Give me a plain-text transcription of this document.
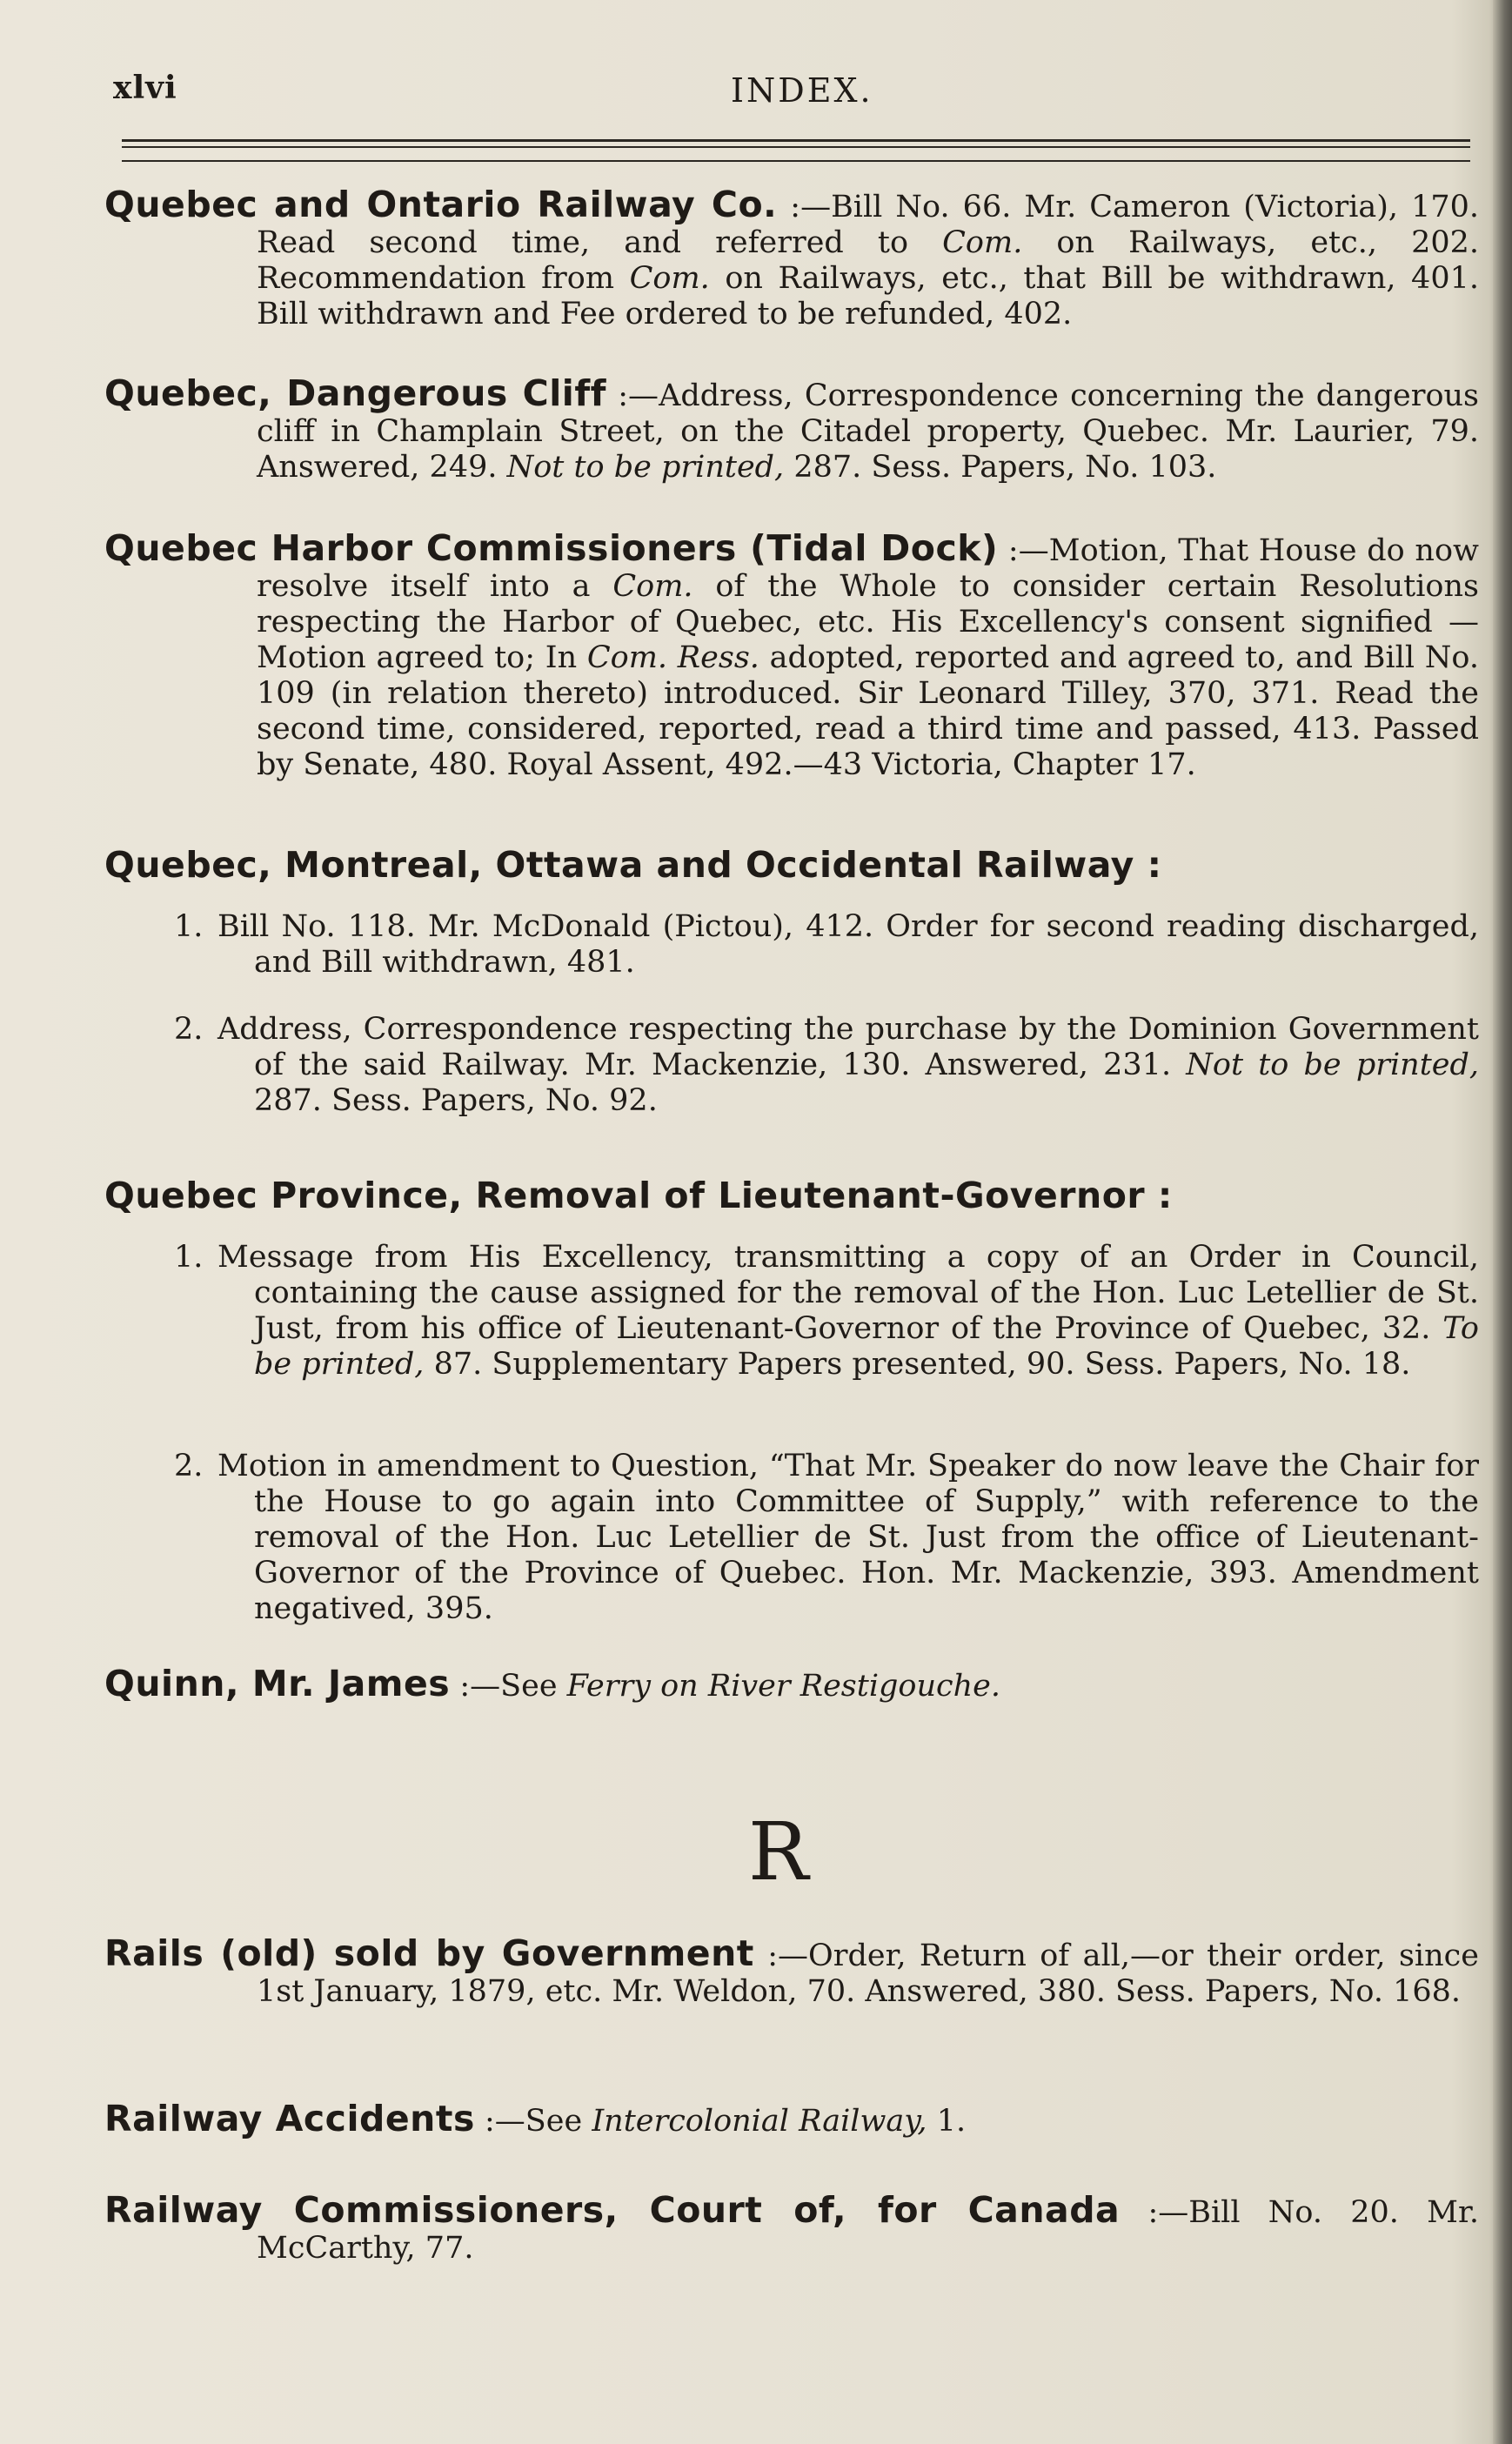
xlvi	INDEX.
Quebec and Ontario Railway Co. :—Bill No. 66. Mr. Cameron (Victoria), 170. Read second time, and referred to Com. on Railways, etc., 202. Recommendation from Com. on Railways, etc., that Bill be withdrawn, 401. Bill withdrawn and Fee ordered to be refunded, 402.
Quebec, Dangerous Cliff :—Address, Correspondence concerning the dangerous cliff in Champlain Street, on the Citadel property, Quebec. Mr. Laurier, 79. Answered, 249. Not to be printed, 287. Sess. Papers, No. 103.
Quebec Harbor Commissioners (Tidal Dock) :—Motion, That House do now resolve itself into a Com. of the Whole to consider certain Resolutions respecting the Harbor of Quebec, etc. His Excellency's consent signified —Motion agreed to; In Com. Ress. adopted, reported and agreed to, and Bill No. 109 (in relation thereto) introduced. Sir Leonard Tilley, 370, 371. Read the second time, considered, reported, read a third time and passed, 413. Passed by Senate, 480. Royal Assent, 492.—43 Victoria, Chapter 17.
Quebec, Montreal, Ottawa and Occidental Railway :
1. Bill No. 118. Mr. McDonald (Pictou), 412. Order for second reading discharged, and Bill withdrawn, 481.
2. Address, Correspondence respecting the purchase by the Dominion Government of the said Railway. Mr. Mackenzie, 130. Answered, 231. Not to be printed, 287. Sess. Papers, No. 92.
Quebec Province, Removal of Lieutenant-Governor :
1. Message from His Excellency, transmitting a copy of an Order in Council, containing the cause assigned for the removal of the Hon. Luc Letellier de St. Just, from his office of Lieutenant-Governor of the Province of Quebec, 32. To be printed, 87. Supplementary Papers presented, 90. Sess. Papers, No. 18.
2. Motion in amendment to Question, “That Mr. Speaker do now leave the Chair for the House to go again into Committee of Supply,” with reference to the removal of the Hon. Luc Letellier de St. Just from the office of Lieutenant-Governor of the Province of Quebec. Hon. Mr. Mackenzie, 393. Amendment negatived, 395.
Quinn, Mr. James :—See Ferry on River Restigouche.
R
Rails (old) sold by Government :—Order, Return of all,—or their order, since 1st January, 1879, etc. Mr. Weldon, 70. Answered, 380. Sess. Papers, No. 168.
Railway Accidents :—See Intercolonial Railway, 1.
Railway Commissioners, Court of, for Canada :—Bill No. 20. Mr. McCarthy, 77.
